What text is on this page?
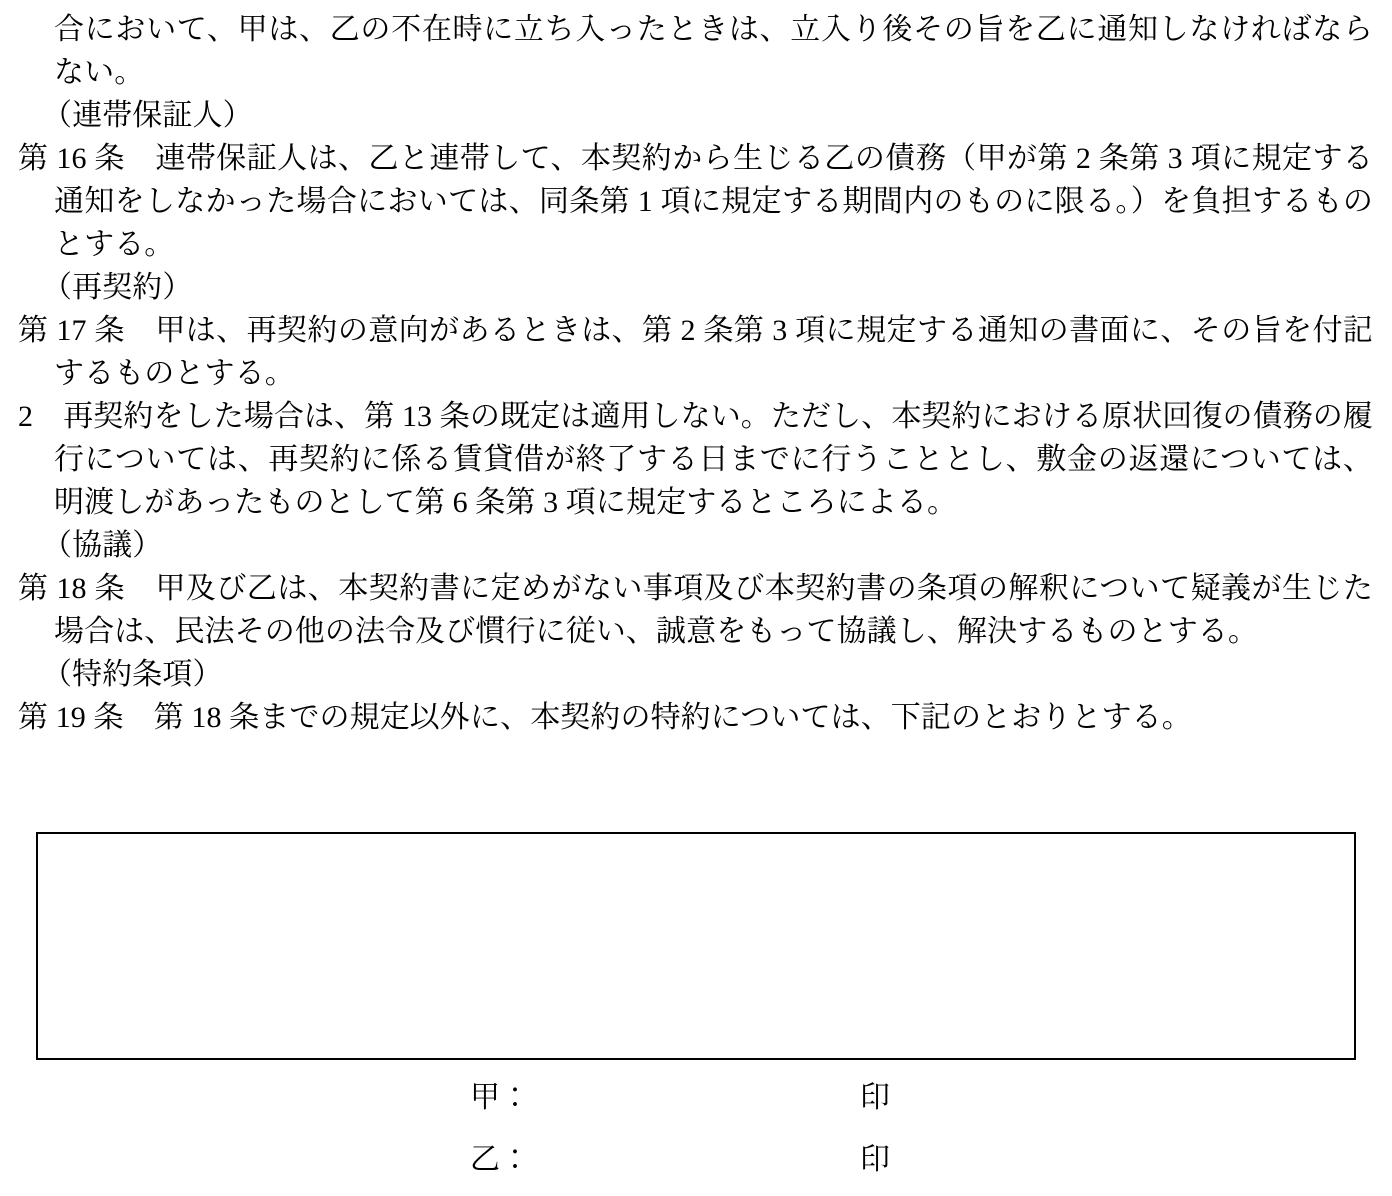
合において、甲は、乙の不在時に立ち入ったときは、立入り後その旨を乙に通知しなければならない。

（連帯保証人）

第 16 条　連帯保証人は、乙と連帯して、本契約から生じる乙の債務（甲が第 2 条第 3 項に規定する通知をしなかった場合においては、同条第 1 項に規定する期間内のものに限る。）を負担するものとする。

（再契約）

第 17 条　甲は、再契約の意向があるときは、第 2 条第 3 項に規定する通知の書面に、その旨を付記するものとする。

2　再契約をした場合は、第 13 条の既定は適用しない。ただし、本契約における原状回復の債務の履行については、再契約に係る賃貸借が終了する日までに行うこととし、敷金の返還については、明渡しがあったものとして第 6 条第 3 項に規定するところによる。

（協議）

第 18 条　甲及び乙は、本契約書に定めがない事項及び本契約書の条項の解釈について疑義が生じた場合は、民法その他の法令及び慣行に従い、誠意をもって協議し、解決するものとする。

（特約条項）

第 19 条　第 18 条までの規定以外に、本契約の特約については、下記のとおりとする。

甲：	印
乙：	印
